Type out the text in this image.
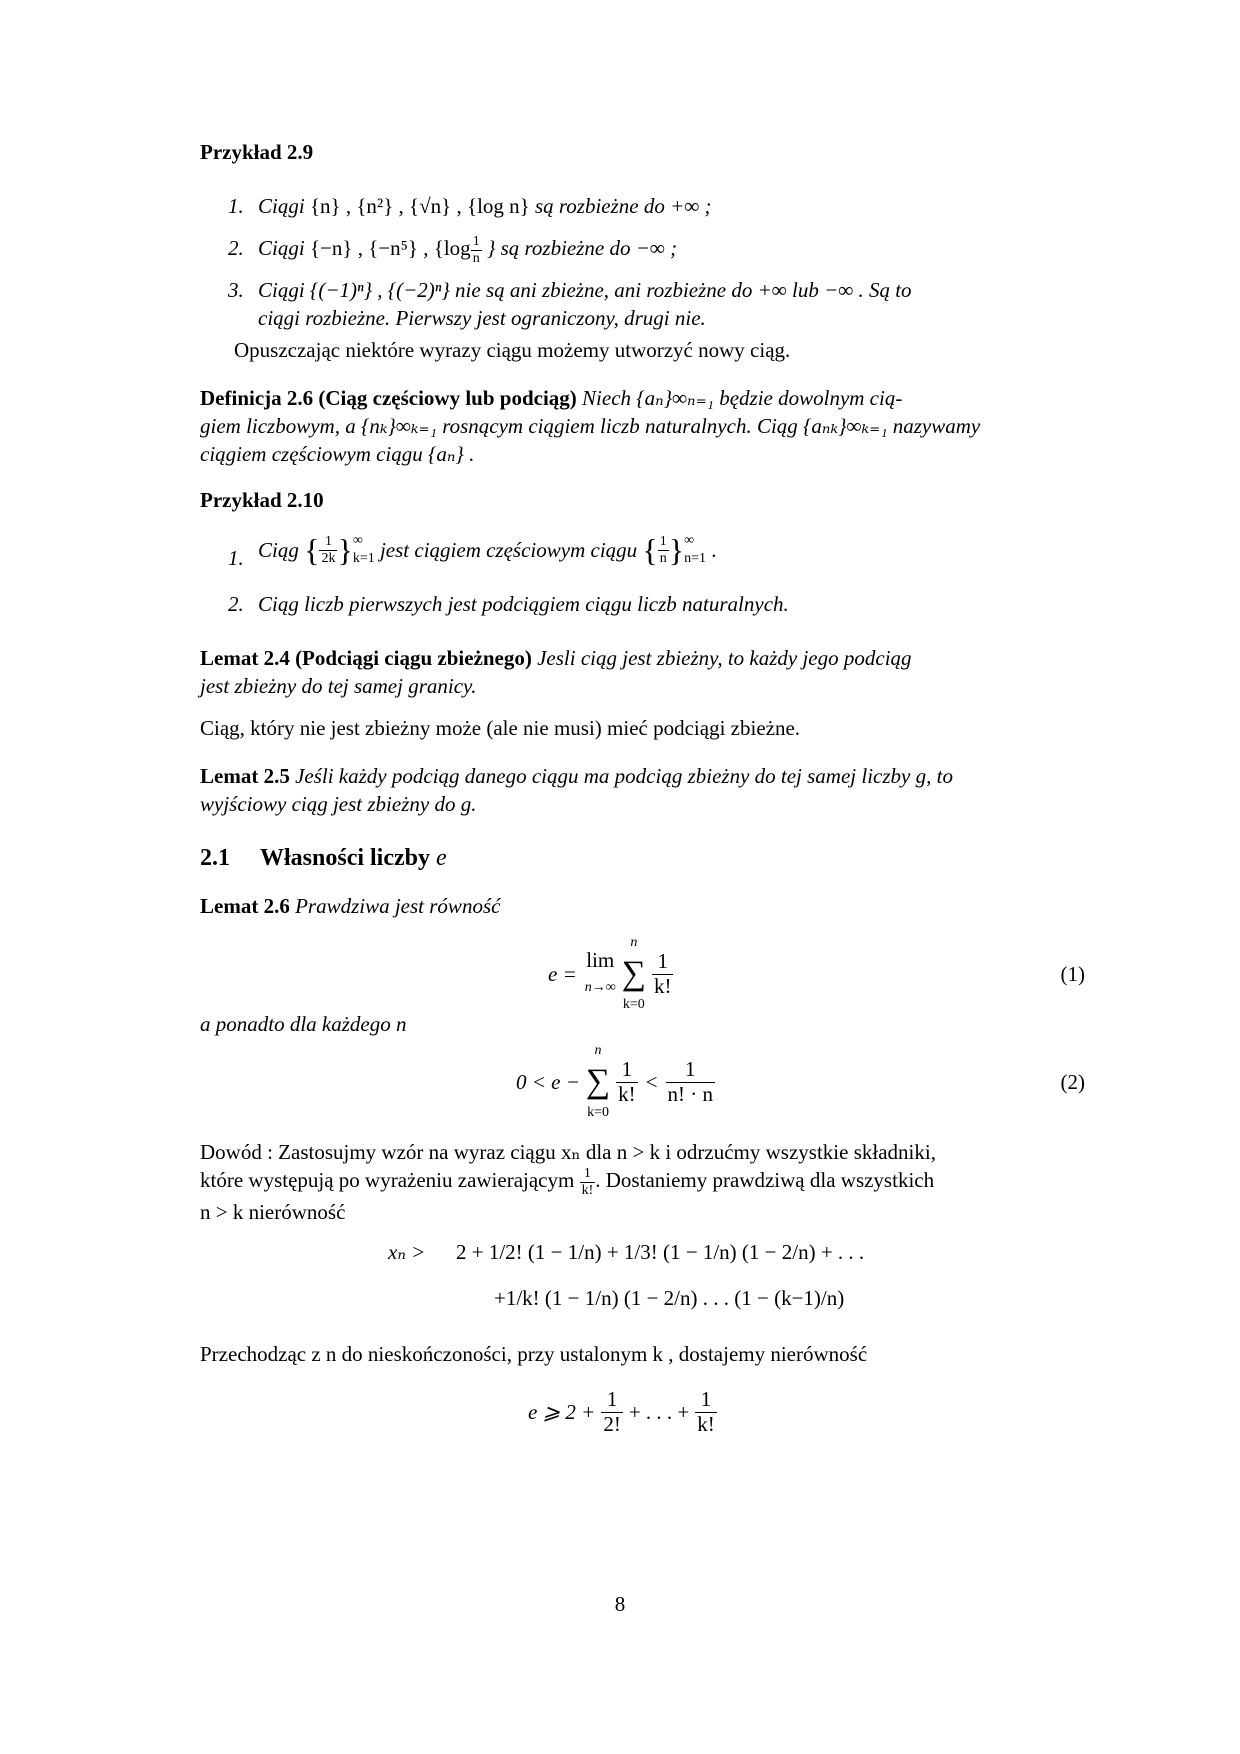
Przykład 2.9
1. Ciągi {n} , {n²} , {√n} , {log n} są rozbieżne do +∞ ;
2. Ciągi {−n} , {−n⁵} , {$\log \frac{1}{n}$ } są rozbieżne do −∞ ;
3. Ciągi {(−1)ⁿ} , {(−2)ⁿ} nie są ani zbieżne, ani rozbieżne do +∞ lub −∞ . Są to
ciągi rozbieżne. Pierwszy jest ograniczony, drugi nie.
Opuszczając niektóre wyrazy ciągu możemy utworzyć nowy ciąg.
Definicja 2.6 (Ciąg częściowy lub podciąg) Niech {aₙ}∞ₙ₌₁ będzie dowolnym cią-
giem liczbowym, a {nₖ}∞ₖ₌₁ rosnącym ciągiem liczb naturalnych. Ciąg {aₙₖ}∞ₖ₌₁ nazywamy
ciągiem częściowym ciągu {aₙ} .
Przykład 2.10
1. Ciąg { $\frac{1}{2k}$ } ∞
k=1 jest ciągiem częściowym ciągu { $\frac{1}{n}$ } ∞
n=1 .
2. Ciąg liczb pierwszych jest podciągiem ciągu liczb naturalnych.
Lemat 2.4 (Podciągi ciągu zbieżnego) Jesli ciąg jest zbieżny, to każdy jego podciąg
jest zbieżny do tej samej granicy.
Ciąg, który nie jest zbieżny może (ale nie musi) mieć podciągi zbieżne.
Lemat 2.5 Jeśli każdy podciąg danego ciągu ma podciąg zbieżny do tej samej liczby g, to
wyjściowy ciąg jest zbieżny do g.
2.1 Własności liczby e
Lemat 2.6 Prawdziwa jest równość
e =
lim
n→∞
n
∑
k=0
$\frac{1}{k!}$	(1)
a ponadto dla każdego n
0 < e −
n
∑
k=0
$\frac{1}{k!} < \frac{1}{n! \cdot n}$	(2)
Dowód : Zastosujmy wzór na wyraz ciągu xₙ dla n > k i odrzućmy wszystkie składniki,
które występują po wyrażeniu zawierającym $\frac{1}{k!}$ . Dostaniemy prawdziwą dla wszystkich
n > k nierówność
xₙ > 2 + 1/2! (1 − 1/n) + 1/3! (1 − 1/n) (1 − 2/n) + . . .
+1/k! (1 − 1/n) (1 − 2/n) . . . (1 − (k−1)/n)
Przechodząc z n do nieskończoności, przy ustalonym k , dostajemy nierówność
e ⩾ $2 + \frac{1}{2!}$ + . . . + $\frac{1}{k!}$
8
